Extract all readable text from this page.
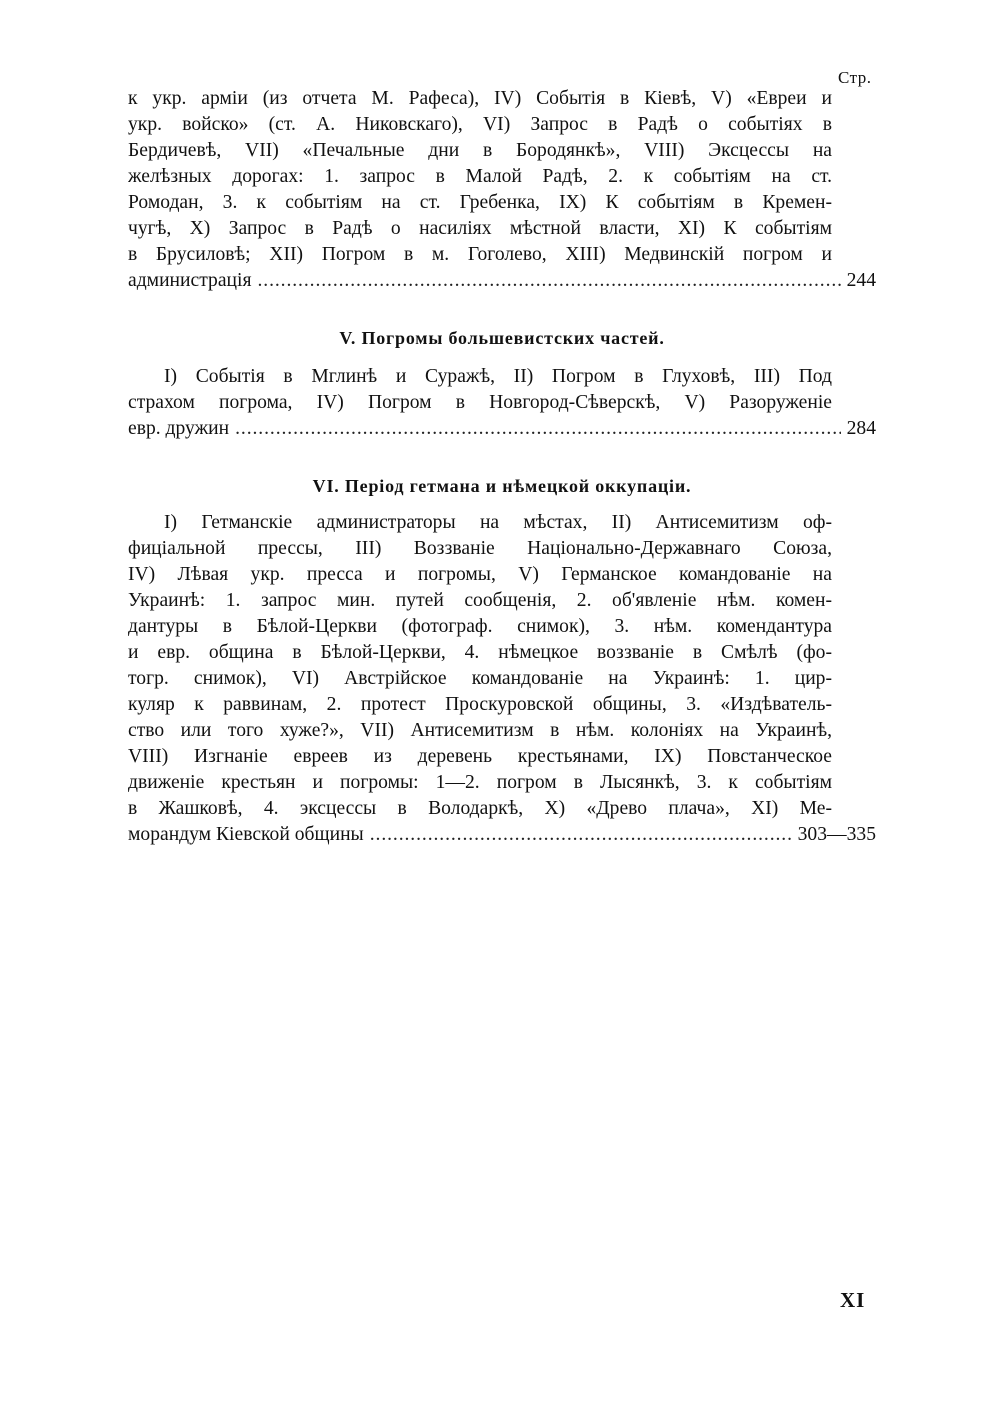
Стр.
к укр. арміи (из отчета М. Рафеса), IV) Событія в Кіевѣ, V) «Евреи и
укр. войско» (ст. А. Никовскаго), VI) Запрос в Радѣ о событіях в
Бердичевѣ, VII) «Печальные дни в Бородянкѣ», VIII) Эксцессы на
желѣзных дорогах: 1. запрос в Малой Радѣ, 2. к событіям на ст.
Ромодан, 3. к событіям на ст. Гребенка, IX) К событіям в Кремен-
чугѣ, X) Запрос в Радѣ о насиліях мѣстной власти, XI) К событіям
в Брусиловѣ; XII) Погром в м. Гоголево, XIII) Медвинскій погром и
администрація . . .	244
V. Погромы большевистских частей.
I) Событія в Мглинѣ и Суражѣ, II) Погром в Глуховѣ, III) Под
страхом погрома, IV) Погром в Новгород-Сѣверскѣ, V) Разоруженіе
евр. дружин . . .	284
VI. Період гетмана и нѣмецкой оккупаціи.
I) Гетманскіе администраторы на мѣстах, II) Антисемитизм оф-
фиціальной прессы, III) Воззваніе Національно-Державнаго Союза,
IV) Лѣвая укр. пресса и погромы, V) Германское командованіе на
Украинѣ: 1. запрос мин. путей сообщенія, 2. об'явленіе нѣм. комен-
дантуры в Бѣлой-Церкви (фотограф. снимок), 3. нѣм. комендантура
и евр. община в Бѣлой-Церкви, 4. нѣмецкое воззваніе в Смѣлѣ (фо-
тогр. снимок), VI) Австрійское командованіе на Украинѣ: 1. цир-
куляр к раввинам, 2. протест Проскуровской общины, 3. «Издѣватель-
ство или того хуже?», VII) Антисемитизм в нѣм. колоніях на Украинѣ,
VIII) Изгнаніе евреев из деревень крестьянами, IX) Повстанческое
движеніе крестьян и погромы: 1—2. погром в Лысянкѣ, 3. к событіям
в Жашковѣ, 4. эксцессы в Володаркѣ, X) «Древо плача», XI) Ме-
морандум Кіевской общины . . .	303—335
XI
